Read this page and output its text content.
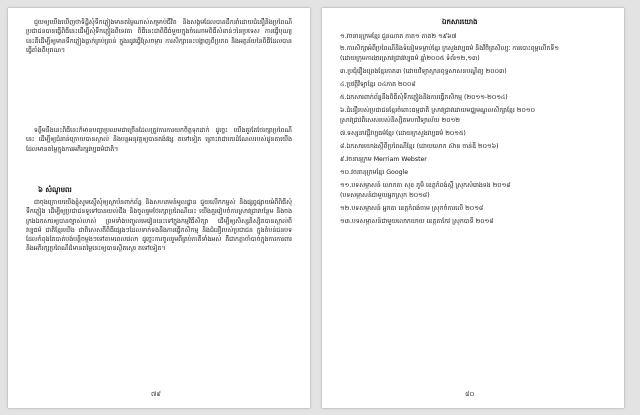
ជួយ​ឲ្យ​យើង​ឃើញ​ថា​ទិដ្ឋិសុំទឹក​ភ្លៀង​មាន​តម្លៃ​ណា​ស់​សម្រាប់​ជីវិត​ និង​សង្គម​ដែល​បាន​ដឹកនាំ​ដោយ​ជំនឿ​និង​ប្រពៃណី​ ប្រជាជន​បាន​ធ្វើ​ពិធី​នេះ​ដើម្បី​សុំ​ទឹក​ភ្លៀង​ពី​ទេវតា​ ពិធី​នេះ​ជា​ពិធី​ធំ​មួយ​ក្នុង​ចំណោម​ពិធី​សំខាន់​ៗ​នៃ​ប្រទេស​ ការ​ធ្វើ​បុណ្យ​នេះ​គឺ​ដើម្បី​ឲ្យ​មាន​ទឹក​ភ្លៀង​ធ្លាក់​គ្រប់​គ្រាន់​ ក្នុង​រដូវ​ធ្វើ​ស្រែ​ចម្ការ​ ការ​សិក្សា​នេះ​បង្ហាញ​ពី​ប្រភព​ និង​អត្ថន័យ​នៃ​ពិធី​ដែល​បាន​ធ្វើ​តាំង​ពី​បុរាណ​។

ទន្ទឹម​នឹង​នេះ​ពិធី​នេះ​ក៏​មាន​បញ្ហា​ប្រឈម​ជា​ច្រើន​ដែល​ត្រូវ​ការ​ការ​យកចិត្តទុកដាក់​ ដូច្នេះ​ យើង​គួរ​តែ​ថែរក្សា​ប្រពៃណី​នេះ​ ដើម្បី​ឲ្យ​ជំនាន់​ក្រោយ​បាន​ស្គាល់​ និង​បន្ត​អនុវត្ត​ឲ្យ​បាន​គង់វង្ស​ តទៅ​ទៀត​ ព្រោះ​វា​ជា​កេរ​ដំណែល​របស់​ដូនតា​យើង​ ដែល​មាន​តម្លៃ​ក្នុង​ការ​អភិរក្ស​វប្បធម៌​ជាតិ​។

៦ សំណូមពរ

ជា​ចុងក្រោយ​យើង​ខ្ញុំ​សូម​ស្នើ​សុំ​ឲ្យ​ស្ថាប័ន​ពាក់ព័ន្ធ​ និង​សហគមន៍​មូលដ្ឋាន​ ជួយ​លើក​កម្ពស់​ និង​ផ្សព្វផ្សាយ​អំពី​ពិធី​សុំ​ទឹក​ភ្លៀង​ ដើម្បី​ឲ្យ​ប្រជាជន​ទូទៅ​បាន​យល់​ដឹង​ និង​ចូលរួម​ថែរក្សា​ប្រពៃណី​នេះ​ យើង​គួរ​រៀបចំ​ការ​ស្រាវជ្រាវ​បន្ថែម​ និង​ចងក្រង​ឯកសារ​ឲ្យ​បាន​ច្បាស់លាស់​ ព្រមទាំង​បញ្ចូល​មេរៀន​នេះ​ទៅ​ក្នុង​កម្មវិធី​សិក្សា​ ដើម្បី​ឲ្យ​សិស្ស​និស្សិត​បាន​ស្គាល់​ពី​វប្បធម៌​ ជាតិ​ខ្មែរ​យើង​ ជាពិសេស​គឺ​ពិធី​ផ្សេង​ៗ​ដែល​ទាក់ទង​នឹង​ការ​ធ្វើ​កសិកម្ម​ និង​ជំនឿ​របស់​ប្រជាជន​ ក្នុង​តំបន់​ជនបទ​ ដែល​កំពុង​តែ​បាត់​បង់​បន្តិច​ម្តង​ៗ​ទៅ​តាម​ពេលវេលា​ ដូច្នេះ​ការ​ចូលរួម​ពី​គ្រប់​ភាគី​ទាំងអស់​ គឺ​ជា​កត្តា​ចាំបាច់​ក្នុង​ការ​ការពារ​ និង​អភិរក្ស​ប្រពៃណី​ដ៏​មាន​តម្លៃ​នេះ​ឲ្យ​បាន​ស្ថិតស្ថេរ​ តទៅ​ទៀត​។

៧៩

ឯកសារយោង

១.វចនានុក្រមខ្មែរ ជួនណាត ភាគ១ ភាគ២ ១៩៦៧

២.ការសិក្សាអំពីប្រពៃណីនិងទំនៀមទម្លាប់ខ្មែរ ក្រសួងវប្បធម៌ និងវិចិត្រសិល្បៈ ការបោះពុម្ពលើកទី១

(ដោយក្រុមការងារស្រាវជ្រាវវប្បធម៌ ឆ្នាំ២០០៥ ទំព័រ១២,១៣)

៣.ប្រជុំរឿងព្រេងខ្មែរភាគ៣ (ដោយវិទ្យាស្ថានពុទ្ធសាសនបណ្ឌិត្យ ២០០៣)

៤.ប្រវត្តិវិទ្យាខ្មែរ ០៤ភាគ ២០០៨

៥.ឯកសារពាក់ព័ន្ធនឹងពិធីសុំទឹកភ្លៀងនិងការធ្វើកសិកម្ម (២០១១-២០១៤)

៦.ជំនឿរបស់ប្រជាជនខ្មែរចំពោះធម្មជាតិ ស្រាវជ្រាវដោយមជ្ឈមណ្ឌលសិក្សាខ្មែរ ២០១០

ស្រាវជ្រាវពិសេសរបស់និស្សិតមហាវិទ្យាល័យ ២០១២

៧.ទស្សនាវដ្តីវប្បធម៌ខ្មែរ (ដោយក្រសួងវប្បធម៌ ២០១៥)

៨.ឯកសារយោងស្តីពីប្រពៃណីខ្មែរ (ដោយលោក ស៊ាន ចាន់ឌី ២០១៦)

៩.វចនានុក្រម Merriam Webster

១០.វចនានុក្រមខ្មែរ Google

១១.បទសម្ភាសន៍ លោកតា សុខ ភូមិ ខេត្តកំពង់ស្ពឺ ស្រុកសំរោងទង ២០១៨

(បទសម្ភាសន៍ជាមួយអ្នកស្រុក ២០១៨)

១២.បទសម្ភាសន៍ អ្នកតា ខេត្តកំពង់ចាម ស្រុកចំការលើ ២០១៨

១៣.បទសម្ភាសន៍ជាមួយលោកយាយ ខេត្តតាកែវ ស្រុកបាទី ២០១៨

៨០
